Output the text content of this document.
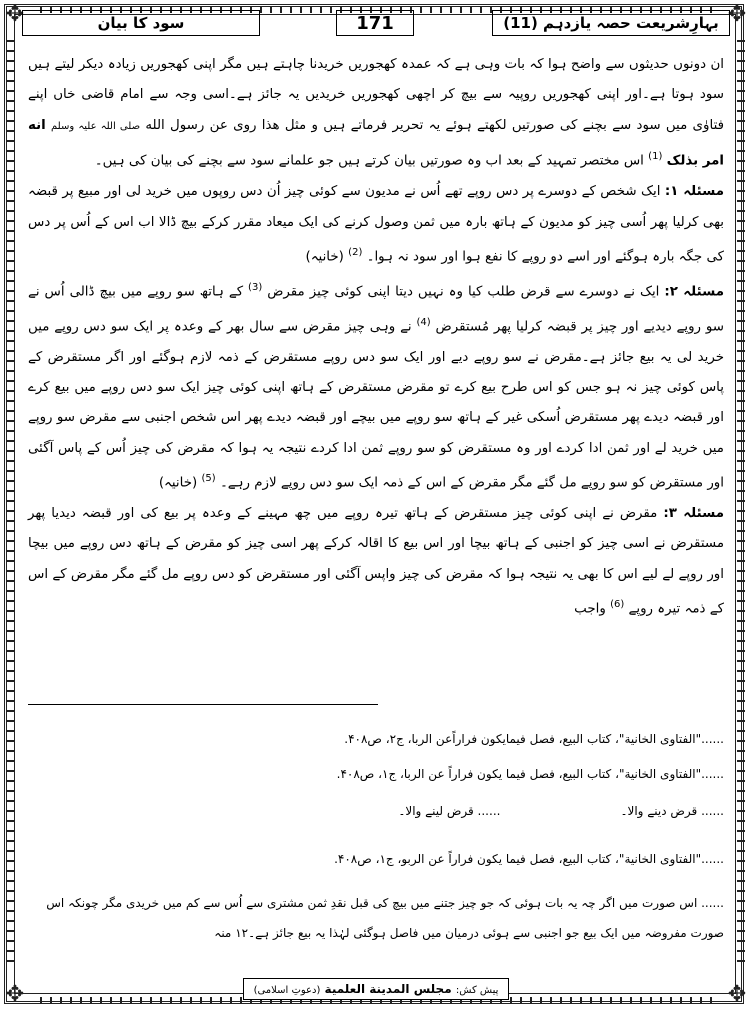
✥	✥
✥	✥
بہارِشریعت حصہ یازدہم (11)
171
سود کا بیان

ان دونوں حدیثوں سے واضح ہوا کہ بات وہی ہے کہ عمدہ کھجوریں خریدنا چاہتے ہیں مگر اپنی کھجوریں زیادہ دیکر لیتے ہیں سود ہوتا ہے۔اور اپنی کھجوریں روپیہ سے بیچ کر اچھی کھجوریں خریدیں یہ جائز ہے۔اسی وجہ سے امام قاضی خاں اپنے فتاوٰی میں سود سے بچنے کی صورتیں لکھتے ہوئے یہ تحریر فرماتے ہیں و مثل هذا روی عن رسول الله صلی اللہ علیہ وسلم انه امر بذلک $^{(1)}$ اس مختصر تمہید کے بعد اب وہ صورتیں بیان کرتے ہیں جو علمانے سود سے بچنے کی بیان کی ہیں۔

مسئلہ ۱: ایک شخص کے دوسرے پر دس روپے تھے اُس نے مدیون سے کوئی چیز اُن دس روپوں میں خرید لی اور مبیع پر قبضہ بھی کرلیا پھر اُسی چیز کو مدیون کے ہاتھ بارہ میں ثمن وصول کرنے کی ایک میعاد مقرر کرکے بیچ ڈالا اب اس کے اُس پر دس کی جگہ بارہ ہوگئے اور اسے دو روپے کا نفع ہوا اور سود نہ ہوا۔ $^{(2)}$ (خانیہ)

مسئلہ ۲: ایک نے دوسرے سے قرض طلب کیا وہ نہیں دیتا اپنی کوئی چیز مقرض $^{(3)}$ کے ہاتھ سو روپے میں بیچ ڈالی اُس نے سو روپے دیدیے اور چیز پر قبضہ کرلیا پھر مُستقرض $^{(4)}$ نے وہی چیز مقرض سے سال بھر کے وعدہ پر ایک سو دس روپے میں خرید لی یہ بیع جائز ہے۔مقرض نے سو روپے دیے اور ایک سو دس روپے مستقرض کے ذمہ لازم ہوگئے اور اگر مستقرض کے پاس کوئی چیز نہ ہو جس کو اس طرح بیع کرے تو مقرض مستقرض کے ہاتھ اپنی کوئی چیز ایک سو دس روپے میں بیع کرے اور قبضہ دیدے پھر مستقرض اُسکی غیر کے ہاتھ سو روپے میں بیچے اور قبضہ دیدے پھر اس شخص اجنبی سے مقرض سو روپے میں خرید لے اور ثمن ادا کردے اور وہ مستقرض کو سو روپے ثمن ادا کردے نتیجہ یہ ہوا کہ مقرض کی چیز اُس کے پاس آگئی اور مستقرض کو سو روپے مل گئے مگر مقرض کے اس کے ذمہ ایک سو دس روپے لازم رہے۔ $^{(5)}$ (خانیہ)

مسئلہ ۳: مقرض نے اپنی کوئی چیز مستقرض کے ہاتھ تیرہ روپے میں چھ مہینے کے وعدہ پر بیع کی اور قبضہ دیدیا پھر مستقرض نے اسی چیز کو اجنبی کے ہاتھ بیچا اور اس بیع کا اقالہ کرکے پھر اسی چیز کو مقرض کے ہاتھ دس روپے میں بیچا اور روپے لے لیے اس کا بھی یہ نتیجہ ہوا کہ مقرض کی چیز واپس آگئی اور مستقرض کو دس روپے مل گئے مگر مقرض کے اس کے ذمہ تیرہ روپے $^{(6)}$ واجب

......"الفتاوی الخانیة"، کتاب البیع، فصل فیمایکون فراراًعن الربا، ج۲، ص۴۰۸.
......"الفتاوی الخانیة"، کتاب البیع، فصل فیما یکون فراراً عن الربا، ج۱، ص۴۰۸.
...... قرض دینے والا۔
...... قرض لینے والا۔
......"الفتاوی الخانیة"، کتاب البیع، فصل فیما یکون فراراً عن الربو، ج۱، ص۴۰۸.
...... اس صورت میں اگر چہ یہ بات ہوئی کہ جو چیز جتنے میں بیچ کی قبل نقدِ ثمن مشتری سے اُس سے کم میں خریدی مگر چونکہ اس صورت مفروضہ میں ایک بیع جو اجنبی سے ہوئی درمیان میں فاصل ہوگئی لہٰذا یہ بیع جائز ہے۔۱۲ منہ
پیش کش: مجلس المدینة العلمیة (دعوتِ اسلامی)
